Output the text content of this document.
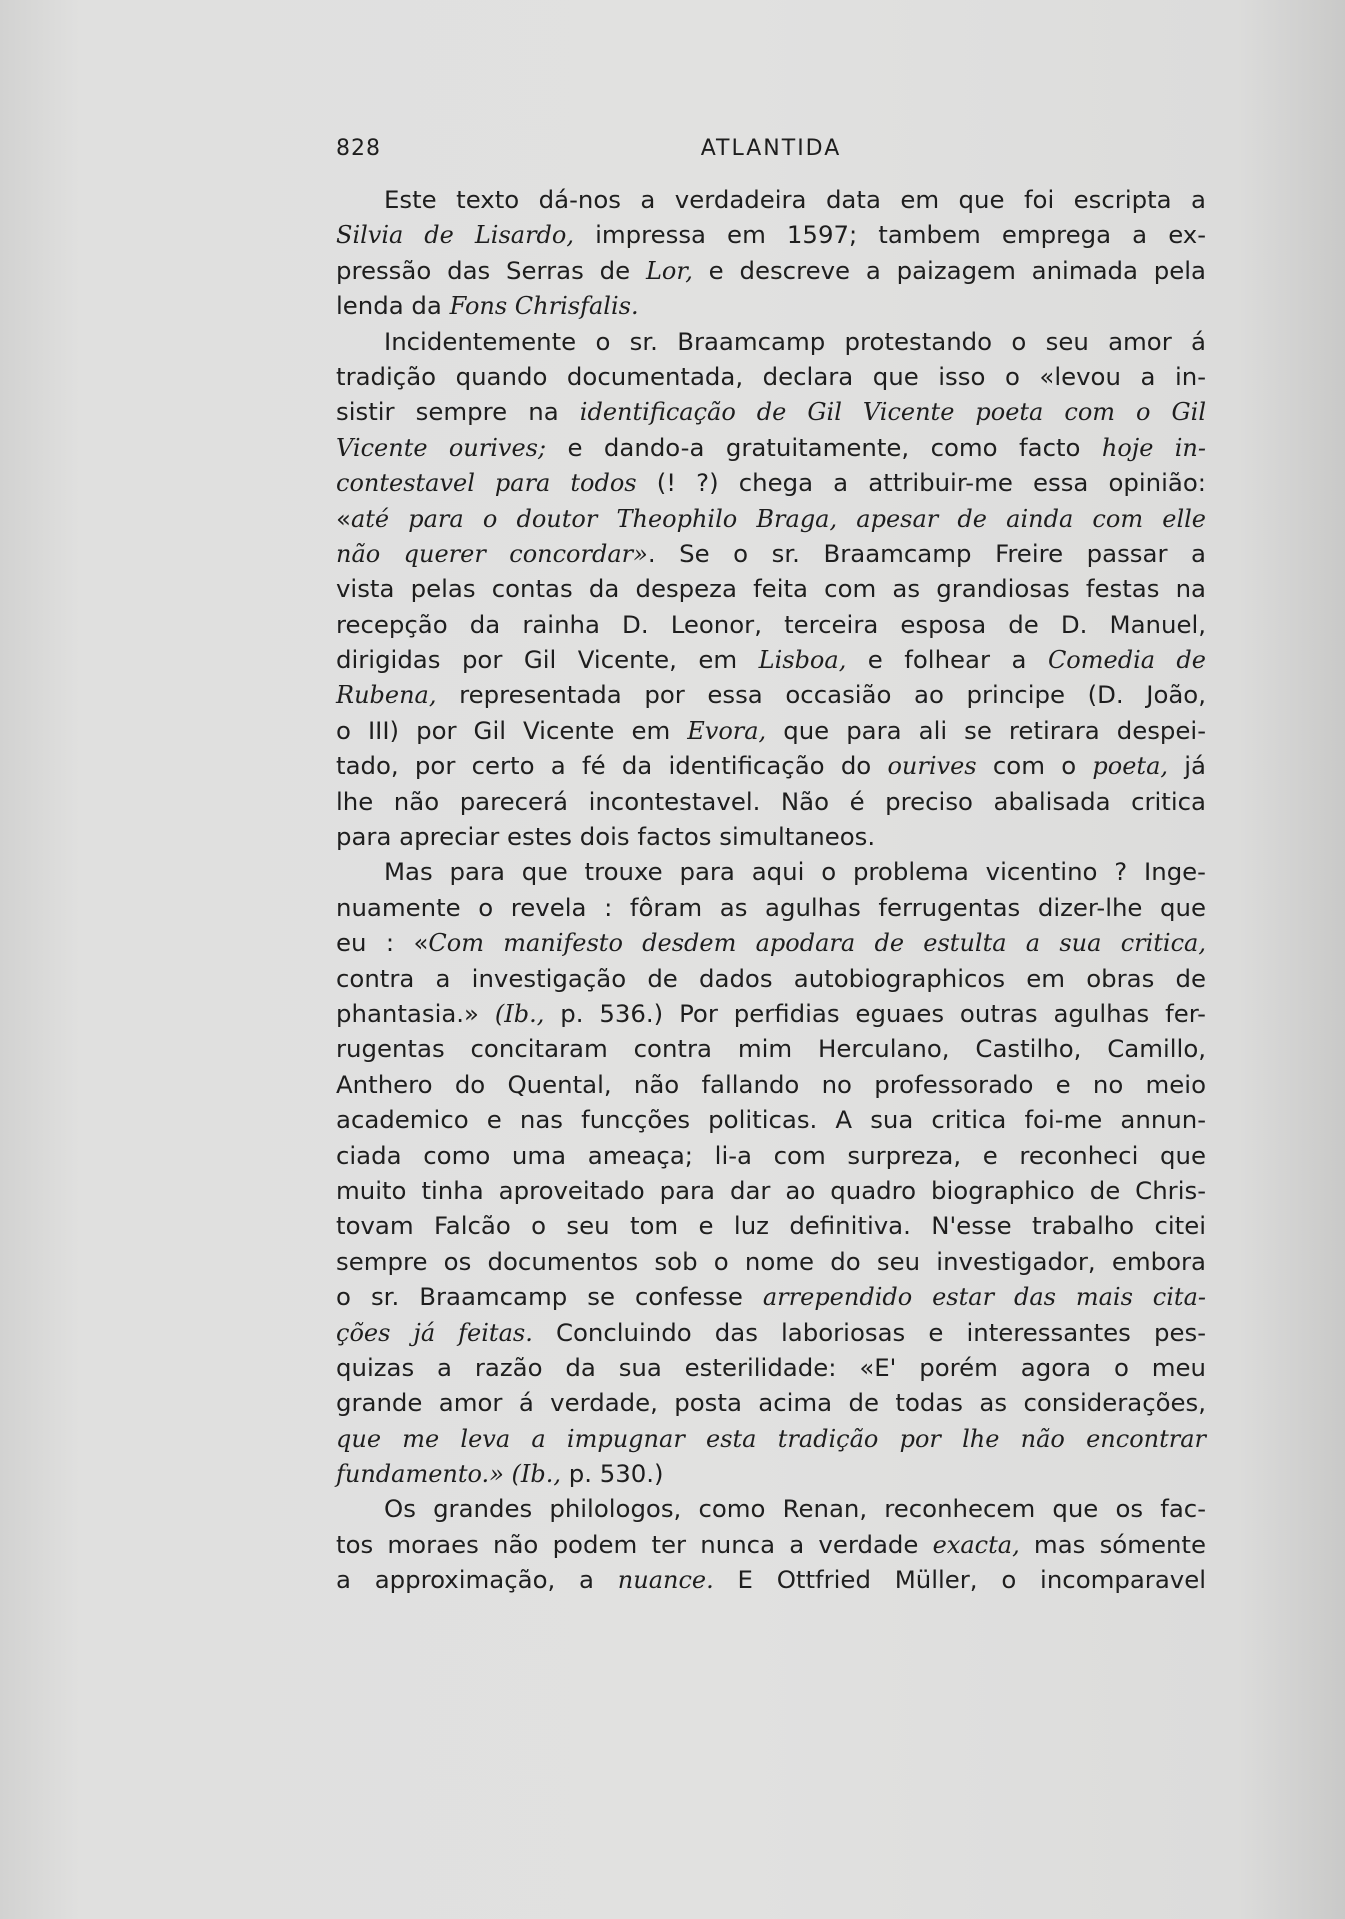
828	ATLANTIDA
Este texto dá-nos a verdadeira data em que foi escripta a
Silvia de Lisardo, impressa em 1597; tambem emprega a ex-
pressão das Serras de Lor, e descreve a paizagem animada pela
lenda da Fons Chrisfalis.
Incidentemente o sr. Braamcamp protestando o seu amor á
tradição quando documentada, declara que isso o «levou a in-
sistir sempre na identificação de Gil Vicente poeta com o Gil
Vicente ourives; e dando-a gratuitamente, como facto hoje in-
contestavel para todos (! ?) chega a attribuir-me essa opinião:
«até para o doutor Theophilo Braga, apesar de ainda com elle
não querer concordar». Se o sr. Braamcamp Freire passar a
vista pelas contas da despeza feita com as grandiosas festas na
recepção da rainha D. Leonor, terceira esposa de D. Manuel,
dirigidas por Gil Vicente, em Lisboa, e folhear a Comedia de
Rubena, representada por essa occasião ao principe (D. João,
o III) por Gil Vicente em Evora, que para ali se retirara despei-
tado, por certo a fé da identificação do ourives com o poeta, já
lhe não parecerá incontestavel. Não é preciso abalisada critica
para apreciar estes dois factos simultaneos.
Mas para que trouxe para aqui o problema vicentino ? Inge-
nuamente o revela : fôram as agulhas ferrugentas dizer-lhe que
eu : «Com manifesto desdem apodara de estulta a sua critica,
contra a investigação de dados autobiographicos em obras de
phantasia.» (Ib., p. 536.) Por perfidias eguaes outras agulhas fer-
rugentas concitaram contra mim Herculano, Castilho, Camillo,
Anthero do Quental, não fallando no professorado e no meio
academico e nas funcções politicas. A sua critica foi-me annun-
ciada como uma ameaça; li-a com surpreza, e reconheci que
muito tinha aproveitado para dar ao quadro biographico de Chris-
tovam Falcão o seu tom e luz definitiva. N'esse trabalho citei
sempre os documentos sob o nome do seu investigador, embora
o sr. Braamcamp se confesse arrependido estar das mais cita-
ções já feitas. Concluindo das laboriosas e interessantes pes-
quizas a razão da sua esterilidade: «E' porém agora o meu
grande amor á verdade, posta acima de todas as considerações,
que me leva a impugnar esta tradição por lhe não encontrar
fundamento.» (Ib., p. 530.)
Os grandes philologos, como Renan, reconhecem que os fac-
tos moraes não podem ter nunca a verdade exacta, mas sómente
a approximação, a nuance. E Ottfried Müller, o incomparavel
